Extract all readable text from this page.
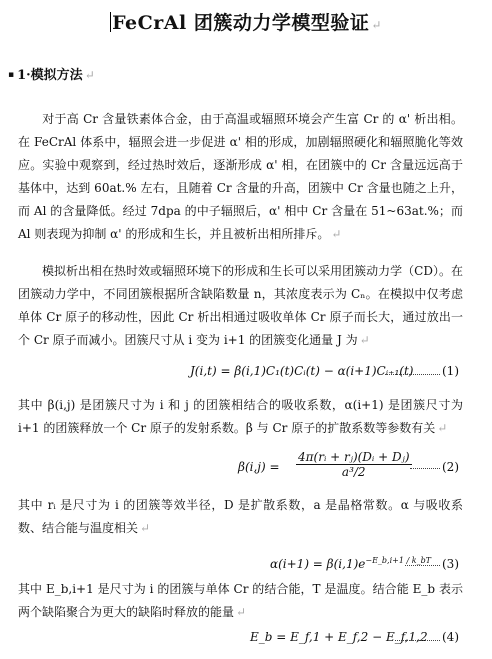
FeCrAl 团簇动力学模型验证 ↵
▪ 1·模拟方法 ↵
对于高 Cr 含量铁素体合金，由于高温或辐照环境会产生富 Cr 的 α' 析出相。在 FeCrAl 体系中，辐照会进一步促进 α' 相的形成，加剧辐照硬化和辐照脆化等效应。实验中观察到，经过热时效后，逐渐形成 α' 相，在团簇中的 Cr 含量远远高于基体中，达到 60at.% 左右，且随着 Cr 含量的升高，团簇中 Cr 含量也随之上升，而 Al 的含量降低。经过 7dpa 的中子辐照后，α' 相中 Cr 含量在 51~63at.%；而 Al 则表现为抑制 α' 的形成和生长，并且被析出相所排斥。 ↵
模拟析出相在热时效或辐照环境下的形成和生长可以采用团簇动力学（CD）。在团簇动力学中，不同团簇根据所含缺陷数量 n，其浓度表示为 Cₙ。在模拟中仅考虑单体 Cr 原子的移动性，因此 Cr 析出相通过吸收单体 Cr 原子而长大，通过放出一个 Cr 原子而减小。团簇尺寸从 i 变为 i+1 的团簇变化通量 J 为 ↵
J(i,t) = β(i,1)C₁(t)Cᵢ(t) − α(i+1)Cᵢ₊₁(t) (1)
其中 β(i,j) 是团簇尺寸为 i 和 j 的团簇相结合的吸收系数，α(i+1) 是团簇尺寸为 i+1 的团簇释放一个 Cr 原子的发射系数。β 与 Cr 原子的扩散系数等参数有关 ↵
$\beta(i,j) = \frac{\text{4π(rᵢ + rⱼ)(Dᵢ + Dⱼ)}}{\text{a³/2}}$	(2)
其中 rᵢ 是尺寸为 i 的团簇等效半径，D 是扩散系数，a 是晶格常数。α 与吸收系数、结合能与温度相关 ↵
$\alpha(i+1) = \beta(i,1)e^{-E\_b,i+1 / k\_bT}$ (3)
其中 E_b,i+1 是尺寸为 i 的团簇与单体 Cr 的结合能，T 是温度。结合能 E_b 表示两个缺陷聚合为更大的缺陷时释放的能量 ↵
E_b = E_f,1 + E_f,2 − E_f,1,2 (4)
